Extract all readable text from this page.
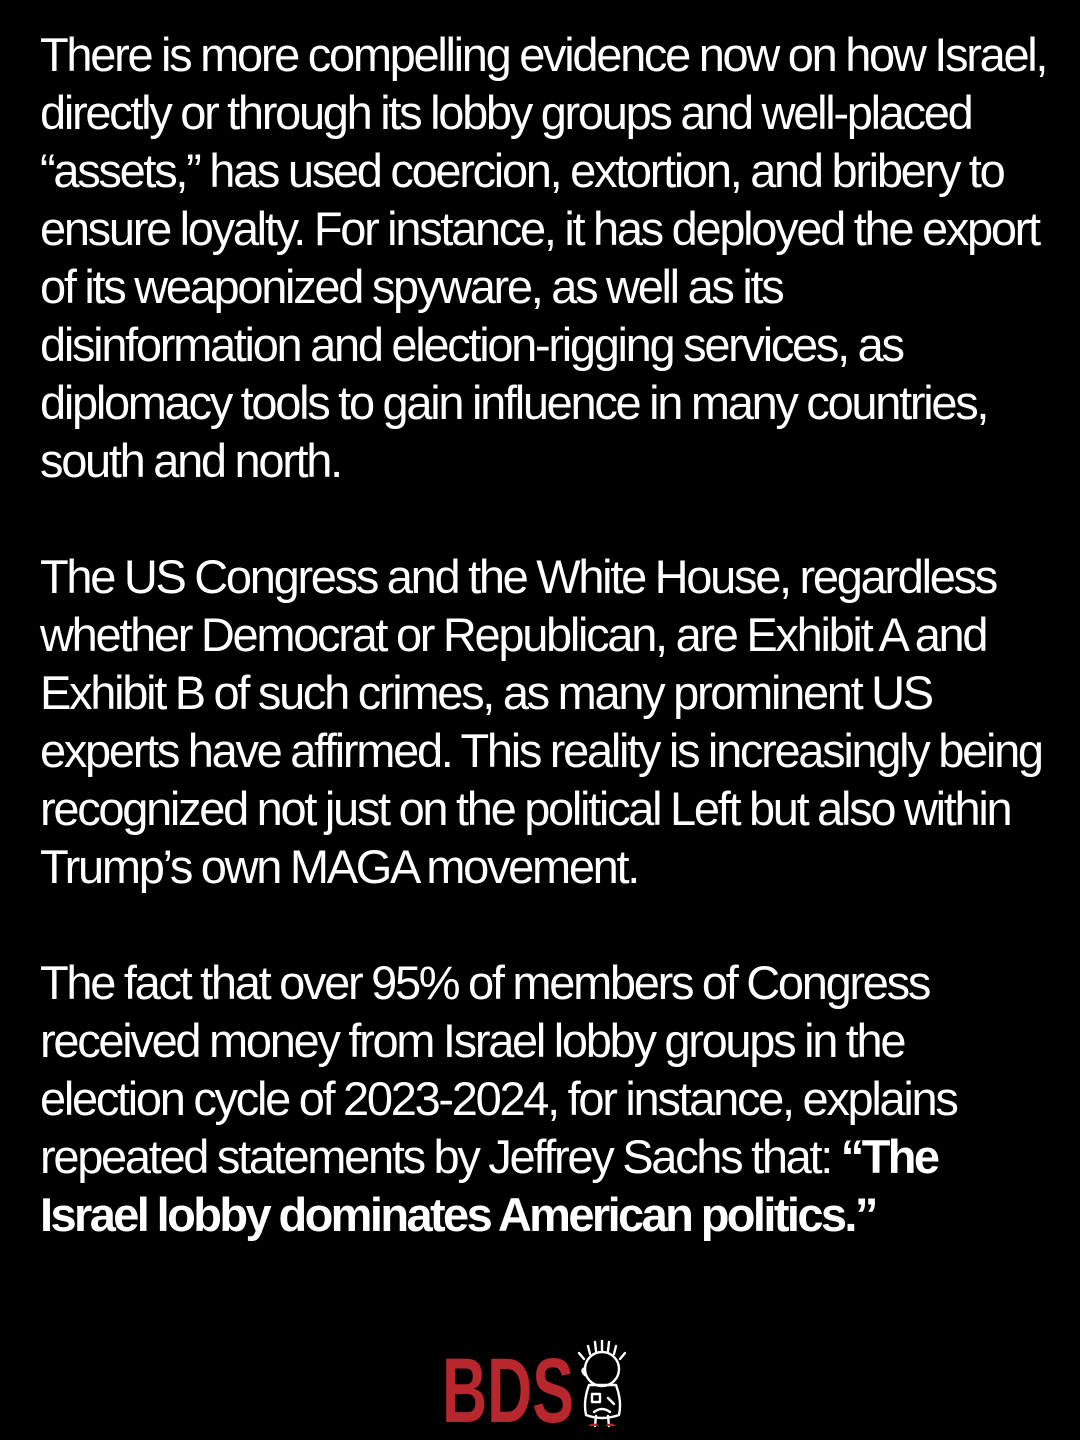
There is more compelling evidence now on how Israel, directly or through its lobby groups and well-placed “assets,” has used coercion, extortion, and bribery to ensure loyalty. For instance, it has deployed the export of its weaponized spyware, as well as its disinformation and election-rigging services, as diplomacy tools to gain influence in many countries, south and north.

The US Congress and the White House, regardless whether Democrat or Republican, are Exhibit A and Exhibit B of such crimes, as many prominent US experts have affirmed. This reality is increasingly being recognized not just on the political Left but also within Trump’s own MAGA movement.

The fact that over 95% of members of Congress received money from Israel lobby groups in the election cycle of 2023-2024, for instance, explains repeated statements by Jeffrey Sachs that: “The Israel lobby dominates American politics.”

BDS
